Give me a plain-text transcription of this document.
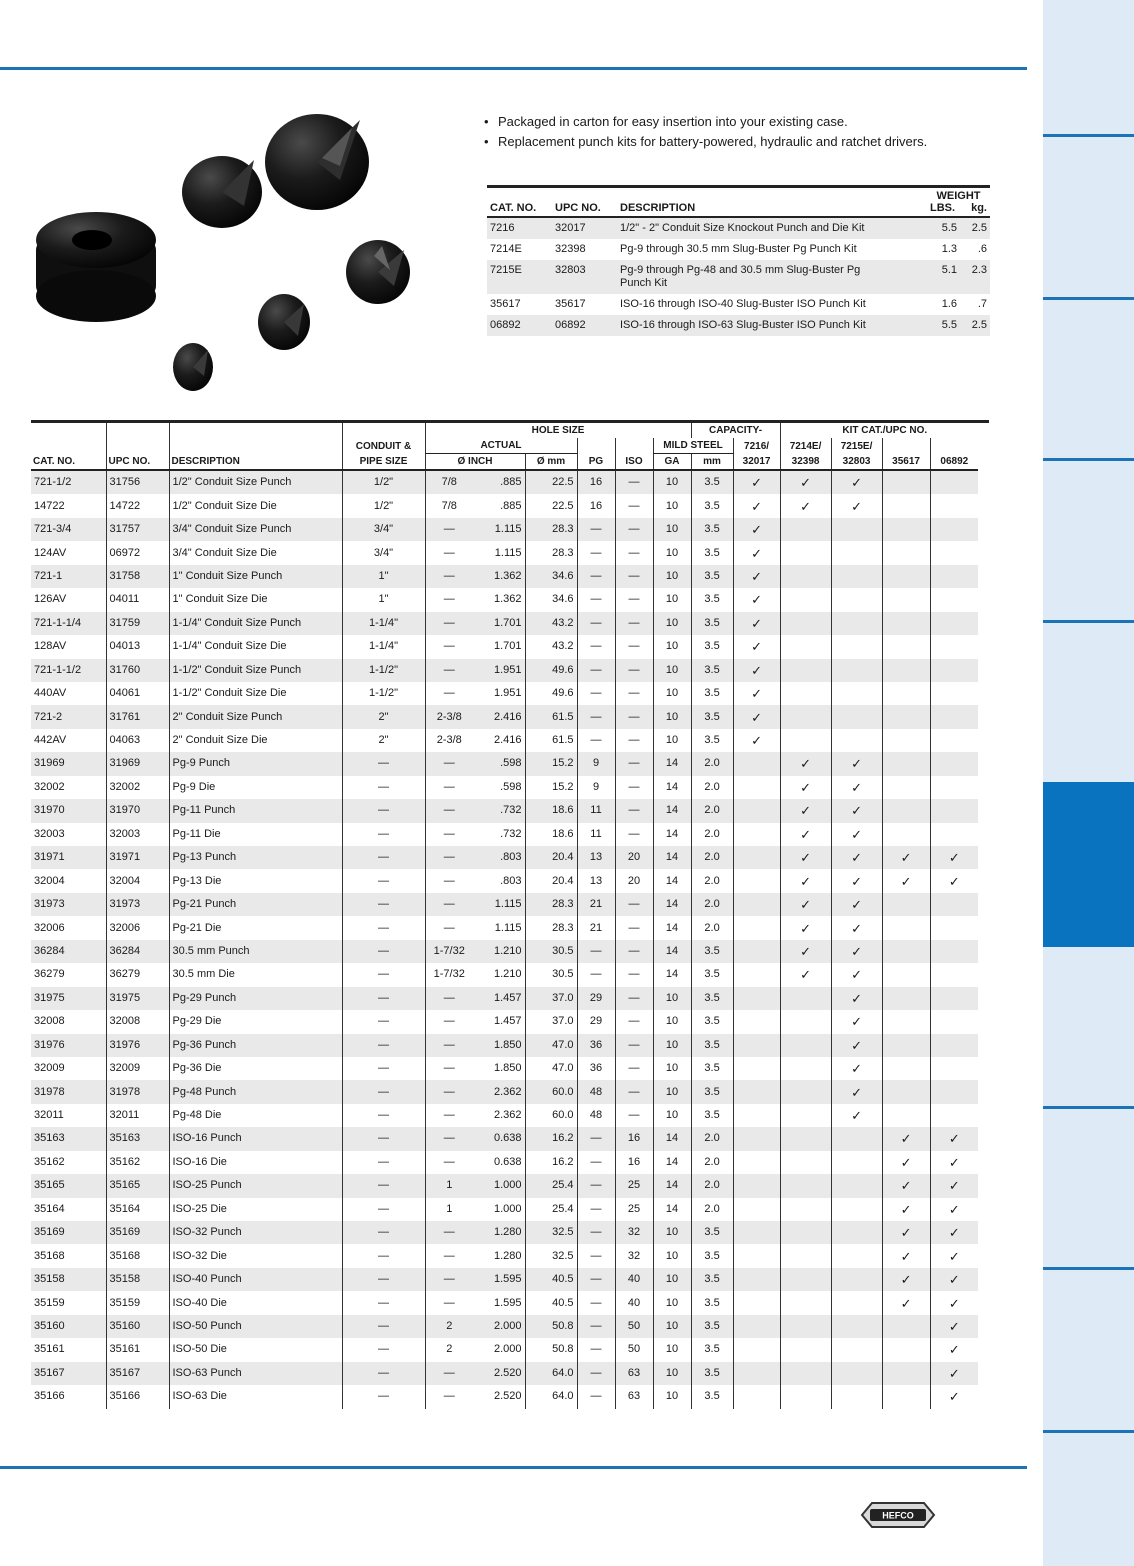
• Packaged in carton for easy insertion into your existing case.
• Replacement punch kits for battery-powered, hydraulic and ratchet drivers.
CAT. NO.	UPC NO.	DESCRIPTION	WEIGHT
LBS. kg.	

7216	32017	1/2" - 2" Conduit Size Knockout Punch and Die Kit	5.5	2.5
7214E	32398	Pg-9 through 30.5 mm Slug-Buster Pg Punch Kit	1.3	.6
7215E	32803	Pg-9 through Pg-48 and 30.5 mm Slug-Buster Pg Punch Kit	5.1	2.3
35617	35617	ISO-16 through ISO-40 Slug-Buster ISO Punch Kit	1.6	.7
06892	06892	ISO-16 through ISO-63 Slug-Buster ISO Punch Kit	5.5	2.5
				HOLE SIZE						CAPACITY-		KIT CAT./UPC NO.			
			CONDUIT &	ACTUAL					MILD STEEL		7216/	7214E/	7215E/		
CAT. NO.	UPC NO.	DESCRIPTION	PIPE SIZE	Ø INCH		Ø mm	PG	ISO	GA	mm	32017	32398	32803	35617	06892
721-1/2	31756	1/2" Conduit Size Punch	1/2"	7/8	.885	22.5	16	—	10	3.5	✓	✓	✓		
14722	14722	1/2" Conduit Size Die	1/2"	7/8	.885	22.5	16	—	10	3.5	✓	✓	✓		
721-3/4	31757	3/4" Conduit Size Punch	3/4"	—	1.115	28.3	—	—	10	3.5	✓				
124AV	06972	3/4" Conduit Size Die	3/4"	—	1.115	28.3	—	—	10	3.5	✓				
721-1	31758	1" Conduit Size Punch	1"	—	1.362	34.6	—	—	10	3.5	✓				
126AV	04011	1" Conduit Size Die	1"	—	1.362	34.6	—	—	10	3.5	✓				
721-1-1/4	31759	1-1/4" Conduit Size Punch	1-1/4"	—	1.701	43.2	—	—	10	3.5	✓				
128AV	04013	1-1/4" Conduit Size Die	1-1/4"	—	1.701	43.2	—	—	10	3.5	✓				
721-1-1/2	31760	1-1/2" Conduit Size Punch	1-1/2"	—	1.951	49.6	—	—	10	3.5	✓				
440AV	04061	1-1/2" Conduit Size Die	1-1/2"	—	1.951	49.6	—	—	10	3.5	✓				
721-2	31761	2" Conduit Size Punch	2"	2-3/8	2.416	61.5	—	—	10	3.5	✓				
442AV	04063	2" Conduit Size Die	2"	2-3/8	2.416	61.5	—	—	10	3.5	✓				
31969	31969	Pg-9 Punch	—	—	.598	15.2	9	—	14	2.0		✓	✓		
32002	32002	Pg-9 Die	—	—	.598	15.2	9	—	14	2.0		✓	✓		
31970	31970	Pg-11 Punch	—	—	.732	18.6	11	—	14	2.0		✓	✓		
32003	32003	Pg-11 Die	—	—	.732	18.6	11	—	14	2.0		✓	✓		
31971	31971	Pg-13 Punch	—	—	.803	20.4	13	20	14	2.0		✓	✓	✓	✓
32004	32004	Pg-13 Die	—	—	.803	20.4	13	20	14	2.0		✓	✓	✓	✓
31973	31973	Pg-21 Punch	—	—	1.115	28.3	21	—	14	2.0		✓	✓		
32006	32006	Pg-21 Die	—	—	1.115	28.3	21	—	14	2.0		✓	✓		
36284	36284	30.5 mm Punch	—	1-7/32	1.210	30.5	—	—	14	3.5		✓	✓		
36279	36279	30.5 mm Die	—	1-7/32	1.210	30.5	—	—	14	3.5		✓	✓		
31975	31975	Pg-29 Punch	—	—	1.457	37.0	29	—	10	3.5			✓		
32008	32008	Pg-29 Die	—	—	1.457	37.0	29	—	10	3.5			✓		
31976	31976	Pg-36 Punch	—	—	1.850	47.0	36	—	10	3.5			✓		
32009	32009	Pg-36 Die	—	—	1.850	47.0	36	—	10	3.5			✓		
31978	31978	Pg-48 Punch	—	—	2.362	60.0	48	—	10	3.5			✓		
32011	32011	Pg-48 Die	—	—	2.362	60.0	48	—	10	3.5			✓		
35163	35163	ISO-16 Punch	—	—	0.638	16.2	—	16	14	2.0				✓	✓
35162	35162	ISO-16 Die	—	—	0.638	16.2	—	16	14	2.0				✓	✓
35165	35165	ISO-25 Punch	—	1	1.000	25.4	—	25	14	2.0				✓	✓
35164	35164	ISO-25 Die	—	1	1.000	25.4	—	25	14	2.0				✓	✓
35169	35169	ISO-32 Punch	—	—	1.280	32.5	—	32	10	3.5				✓	✓
35168	35168	ISO-32 Die	—	—	1.280	32.5	—	32	10	3.5				✓	✓
35158	35158	ISO-40 Punch	—	—	1.595	40.5	—	40	10	3.5				✓	✓
35159	35159	ISO-40 Die	—	—	1.595	40.5	—	40	10	3.5				✓	✓
35160	35160	ISO-50 Punch	—	2	2.000	50.8	—	50	10	3.5					✓
35161	35161	ISO-50 Die	—	2	2.000	50.8	—	50	10	3.5					✓
35167	35167	ISO-63 Punch	—	—	2.520	64.0	—	63	10	3.5					✓
35166	35166	ISO-63 Die	—	—	2.520	64.0	—	63	10	3.5					✓
HEFCO
